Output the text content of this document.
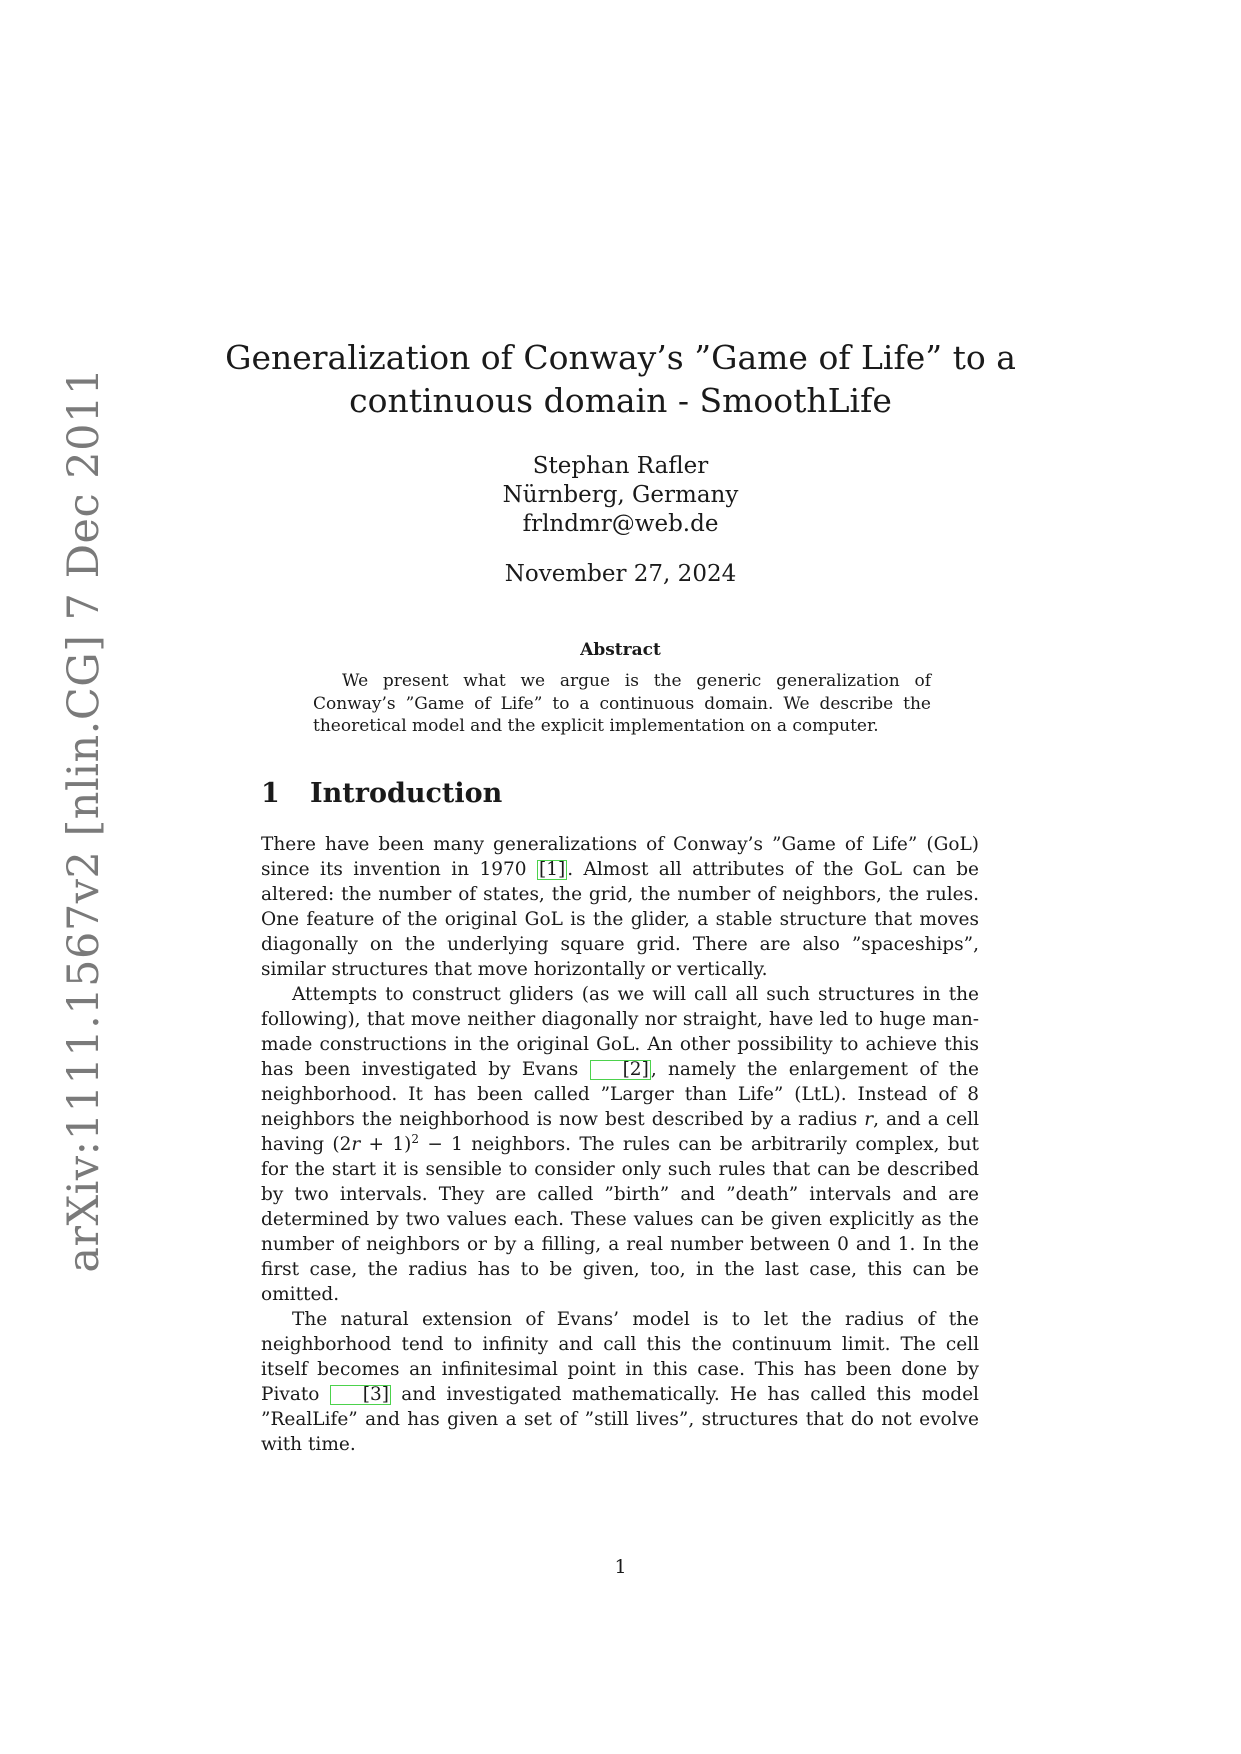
arXiv:1111.1567v2 [nlin.CG] 7 Dec 2011
Generalization of Conway’s ”Game of Life” to a
continuous domain - SmoothLife
Stephan Rafler
Nürnberg, Germany
frlndmr@web.de
November 27, 2024
Abstract

We present what we argue is the generic generalization of Conway’s ”Game of Life” to a continuous domain. We describe the theoretical model and the explicit implementation on a computer.

1 Introduction

There have been many generalizations of Conway’s ”Game of Life” (GoL) since its invention in 1970 [1] . Almost all attributes of the GoL can be altered: the number of states, the grid, the number of neighbors, the rules. One feature of the original GoL is the glider, a stable structure that moves diagonally on the underlying square grid. There are also ”spaceships”, similar structures that move horizontally or vertically.

Attempts to construct gliders (as we will call all such structures in the following), that move neither diagonally nor straight, have led to huge man-made constructions in the original GoL. An other possibility to achieve this has been investigated by Evans [2] , namely the enlargement of the neighborhood. It has been called ”Larger than Life” (LtL). Instead of 8 neighbors the neighborhood is now best described by a radius r, and a cell having $(2r + 1)^2 - 1$ neighbors. The rules can be arbitrarily complex, but for the start it is sensible to consider only such rules that can be described by two intervals. They are called ”birth” and ”death” intervals and are determined by two values each. These values can be given explicitly as the number of neighbors or by a filling, a real number between 0 and 1. In the first case, the radius has to be given, too, in the last case, this can be omitted.

The natural extension of Evans’ model is to let the radius of the neighborhood tend to infinity and call this the continuum limit. The cell itself becomes an infinitesimal point in this case. This has been done by Pivato [3] and investigated mathematically. He has called this model ”RealLife” and has given a set of ”still lives”, structures that do not evolve with time.

1
